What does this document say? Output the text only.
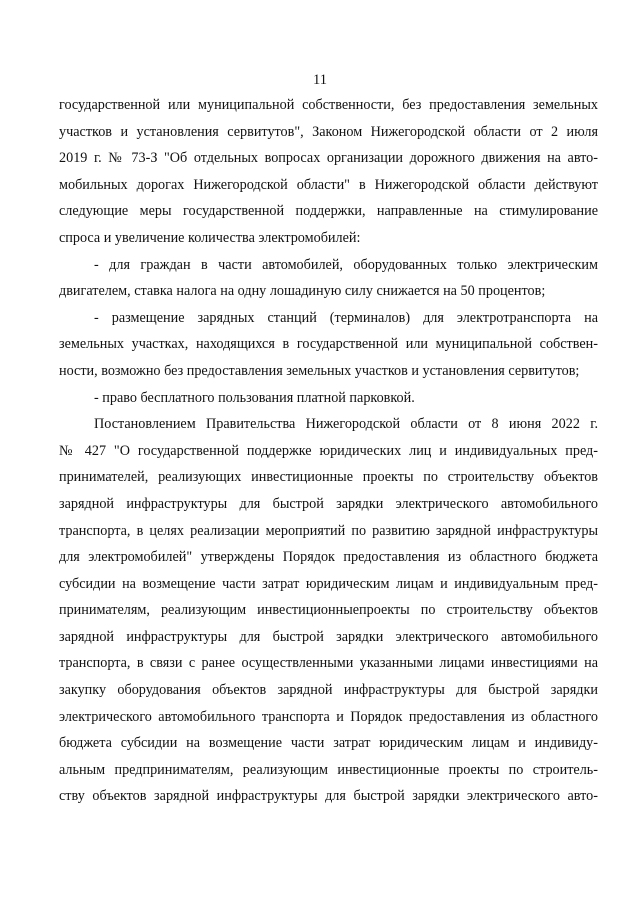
11
государственной или муниципальной собственности, без предоставления земельных
участков и установления сервитутов", Законом Нижегородской области от 2 июля
2019 г. № 73-З "Об отдельных вопросах организации дорожного движения на авто-
мобильных дорогах Нижегородской области" в Нижегородской области действуют
следующие меры государственной поддержки, направленные на стимулирование
спроса и увеличение количества электромобилей:
- для граждан в части автомобилей, оборудованных только электрическим
двигателем, ставка налога на одну лошадиную силу снижается на 50 процентов;
- размещение зарядных станций (терминалов) для электротранспорта на
земельных участках, находящихся в государственной или муниципальной собствен-
ности, возможно без предоставления земельных участков и установления сервитутов;
- право бесплатного пользования платной парковкой.
Постановлением Правительства Нижегородской области от 8 июня 2022 г.
№ 427 "О государственной поддержке юридических лиц и индивидуальных пред-
принимателей, реализующих инвестиционные проекты по строительству объектов
зарядной инфраструктуры для быстрой зарядки электрического автомобильного
транспорта, в целях реализации мероприятий по развитию зарядной инфраструктуры
для электромобилей" утверждены Порядок предоставления из областного бюджета
субсидии на возмещение части затрат юридическим лицам и индивидуальным пред-
принимателям, реализующим инвестиционныепроекты по строительству объектов
зарядной инфраструктуры для быстрой зарядки электрического автомобильного
транспорта, в связи с ранее осуществленными указанными лицами инвестициями на
закупку оборудования объектов зарядной инфраструктуры для быстрой зарядки
электрического автомобильного транспорта и Порядок предоставления из областного
бюджета субсидии на возмещение части затрат юридическим лицам и индивиду-
альным предпринимателям, реализующим инвестиционные проекты по строитель-
ству объектов зарядной инфраструктуры для быстрой зарядки электрического авто-
